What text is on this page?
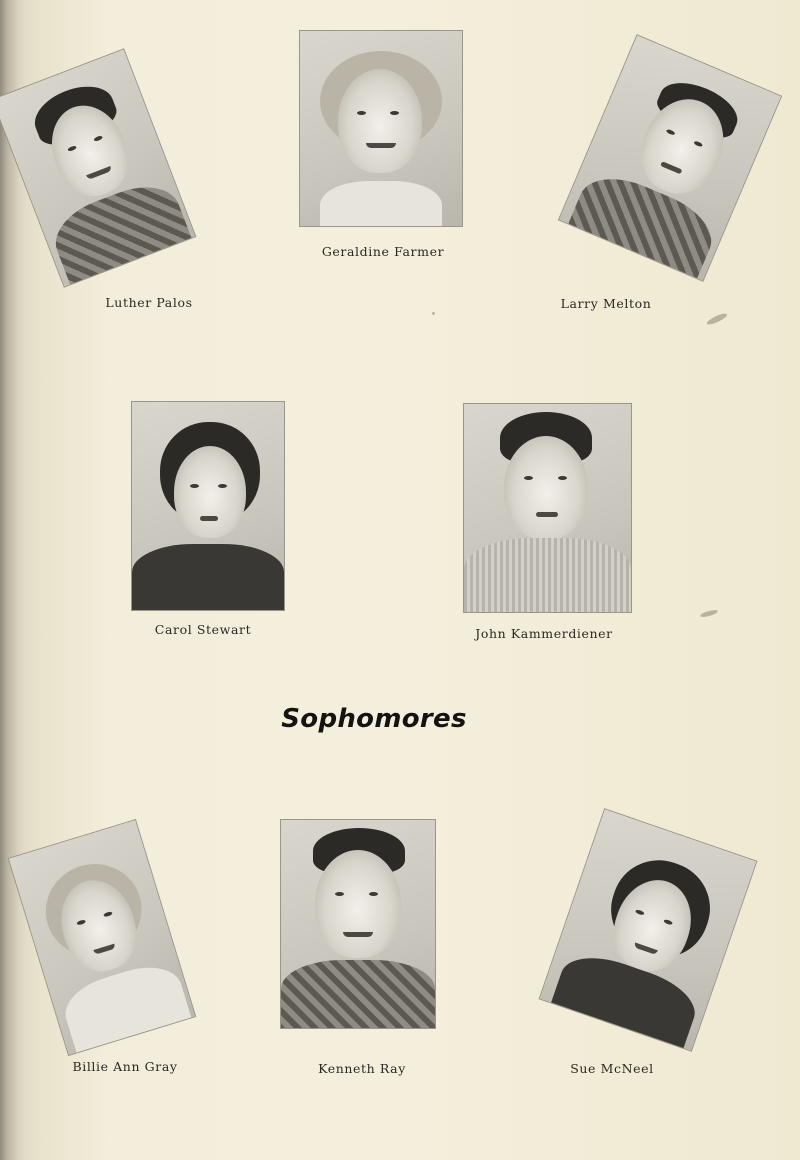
Luther Palos
Geraldine Farmer
Larry Melton
Carol Stewart	John Kammerdiener
Sophomores
Billie Ann Gray	Kenneth Ray	Sue McNeel
